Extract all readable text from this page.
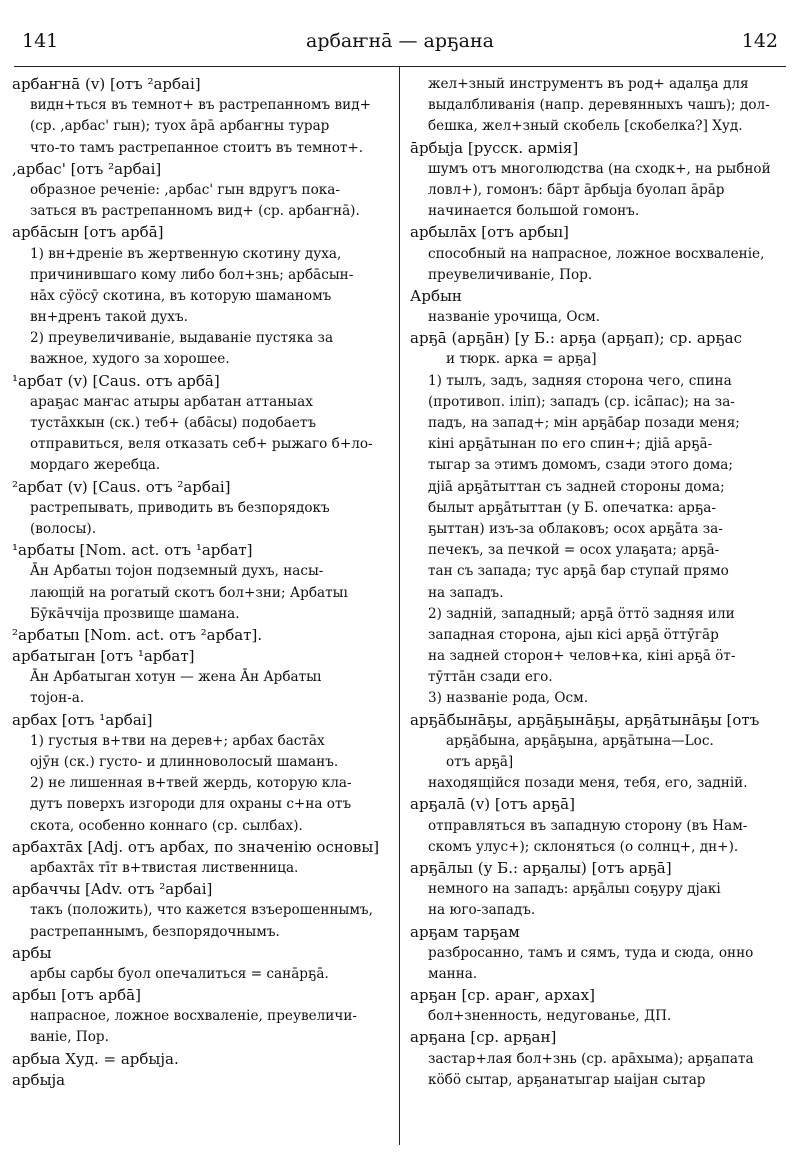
141	арбаҥнā — арҕана	142
арбаҥнā (v) [отъ ²арбаі]
видн+ться въ темнот+ въ растрепанномъ вид+
(ср. ,арбас' гын); туох āрā арбаҥны турар
что-то тамъ растрепанное стоитъ въ темнот+.
,арбас' [отъ ²арбаі]
образное реченіе: ,арбас' гын вдругъ пока-
заться въ растрепанномъ вид+ (ср. арбаҥнā).
арбāсын [отъ арбā]
1) вн+дреніе въ жертвенную скотину духа,
причинившаго кому либо бол+знь; арбāсын-
нāх сӯӧсӯ скотина, въ которую шаманомъ
вн+дренъ такой духъ.
2) преувеличиваніе, выдаваніе пустяка за
важное, худого за хорошее.
¹арбат (v) [Caus. отъ арбā]
араҕас маҥас атыры арбатан аттаныах
тустāхкын (ск.) теб+ (абāсы) подобаетъ
отправиться, веля отказать себ+ рыжаго б+ло-
мордаго жеребца.
²арбат (v) [Caus. отъ ²арбаі]
растрепывать, приводить въ безпорядокъ
(волосы).
¹арбаты [Nom. act. отъ ¹арбат]
Āн Арбатыı тојон подземный духъ, насы-
лающій на рогатый скотъ бол+зни; Арбатыı
Бӯкāччіја прозвище шамана.
²арбатыı [Nom. act. отъ ²арбат].
арбатыган [отъ ¹арбат]
Āн Арбатыган хотун — жена Āн Арбатыı
тојон-а.
арбах [отъ ¹арбаі]
1) густыя в+тви на дерев+; арбах бастāх
ојӯн (ск.) густо- и длинноволосый шаманъ.
2) не лишенная в+твей жердь, которую кла-
дутъ поверхъ изгороди для охраны с+на отъ
скота, особенно коннаго (ср. сылбах).
арбахтāх [Adj. отъ арбах, по значенію основы]
арбахтāх тīт в+твистая лиственница.
арбаччы [Adv. отъ ²арбаі]
такъ (положить), что кажется взъерошеннымъ,
растрепаннымъ, безпорядочнымъ.
арбы
арбы сарбы буол опечалиться = санāрҕā.
арбыı [отъ арбā]
напрасное, ложное восхваленіе, преувеличи-
ваніе, Пор.
арбыа Худ. = арбыја.
арбыја
жел+зный инструментъ въ род+ адалҕа для
выдалбливанія (напр. деревянныхъ чашъ); дол-
бешка, жел+зный скобель [скобелка?] Худ.
āрбыја [русск. армія]
шумъ отъ многолюдства (на сходк+, на рыбной
ловл+), гомонъ: бāрт āрбыја буолап āрāр
начинается большой гомонъ.
арбылāх [отъ арбыı]
способный на напрасное, ложное восхваленіе,
преувеличиваніе, Пор.
Арбын
названіе урочища, Осм.
арҕā (арҕāн) [у Б.: арҕа (арҕап); ср. арҕас
и тюрк. арка = арҕа]
1) тылъ, задъ, задняя сторона чего, спина
(противоп. іліп); западъ (ср. ісāпас); на за-
падъ, на запад+; мін арҕāбар позади меня;
кіні арҕāтынан по его спин+; дјіā арҕā-
тыгар за этимъ домомъ, сзади этого дома;
дјіā арҕāтыттан съ задней стороны дома;
былыт арҕāтыттан (у Б. опечатка: арҕа-
ҕыттан) изъ-за облаковъ; осох арҕāта за-
печекъ, за печкой = осох улаҕата; арҕā-
тан съ запада; тус арҕā бар ступай прямо
на западъ.
2) задній, западный; арҕā ӧттӧ задняя или
западная сторона, ајыı кісі арҕā ӧттӯгāр
на задней сторон+ челов+ка, кіні арҕā ӧт-
тӯттāн сзади его.
3) названіе рода, Осм.
арҕāбынāҕы, арҕāҕынāҕы, арҕāтынāҕы [отъ
арҕāбына, арҕāҕына, арҕāтына—Loc.
отъ арҕā]
находящійся позади меня, тебя, его, задній.
арҕалā (v) [отъ арҕā]
отправляться въ западную сторону (въ Нам-
скомъ улус+); склоняться (о солнц+, дн+).
арҕāлыı (у Б.: арҕалы) [отъ арҕā]
немного на западъ: арҕāлыı соҕуру дјакі
на юго-западъ.
арҕам тарҕам
разбросанно, тамъ и сямъ, туда и сюда, онно
манна.
арҕан [ср. араҥ, архах]
бол+зненность, недугованье, ДП.
арҕана [ср. арҕан]
застар+лая бол+знь (ср. арāхыма); арҕапата
кӧбӧ сытар, арҕанатыгар ыаіјан сытар
